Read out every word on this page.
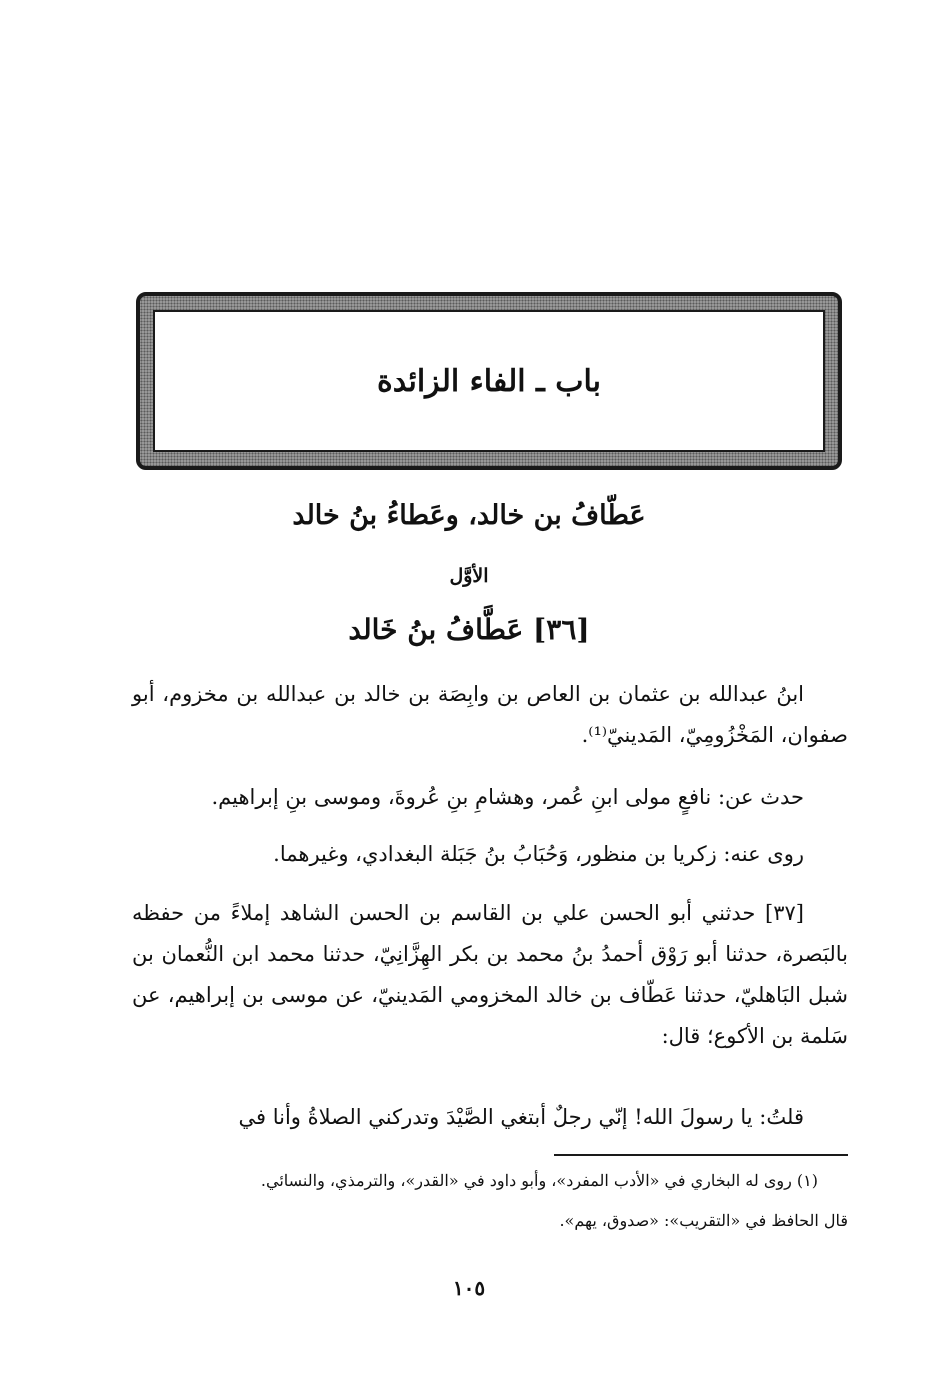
باب ـ الفاء الزائدة
عَطّافُ بن خالد، وعَطاءُ بنُ خالد
الأوَّل
[٣٦] عَطَّافُ بنُ خَالد

ابنُ عبدالله بن عثمان بن العاص بن وابِصَة بن خالد بن عبدالله بن مخزوم، أبو صفوان، المَخْزُومِيّ، المَدينيّ⁽¹⁾.

حدث عن: نافعٍ مولى ابنِ عُمر، وهشامِ بنِ عُروةَ، وموسى بنِ إبراهيم.

روى عنه: زكريا بن منظور، وَحُبَابُ بنُ جَبَلة البغدادي، وغيرهما.

[٣٧] حدثني أبو الحسن علي بن القاسم بن الحسن الشاهد إملاءً من حفظه بالبَصرة، حدثنا أبو رَوْق أحمدُ بنُ محمد بن بكر الهِزَّانِيّ، حدثنا محمد ابن النُّعمان بن شبل البَاهليّ، حدثنا عَطّاف بن خالد المخزومي المَدينيّ، عن موسى بن إبراهيم، عن سَلمة بن الأكوع؛ قال:

قلتُ: يا رسولَ الله! إنّي رجلٌ أبتغي الصَّيْدَ وتدركني الصلاةُ وأنا في

(١) روى له البخاري في «الأدب المفرد»، وأبو داود في «القدر»، والترمذي، والنسائي.

قال الحافظ في «التقريب»: «صدوق، يهم».

١٠٥
